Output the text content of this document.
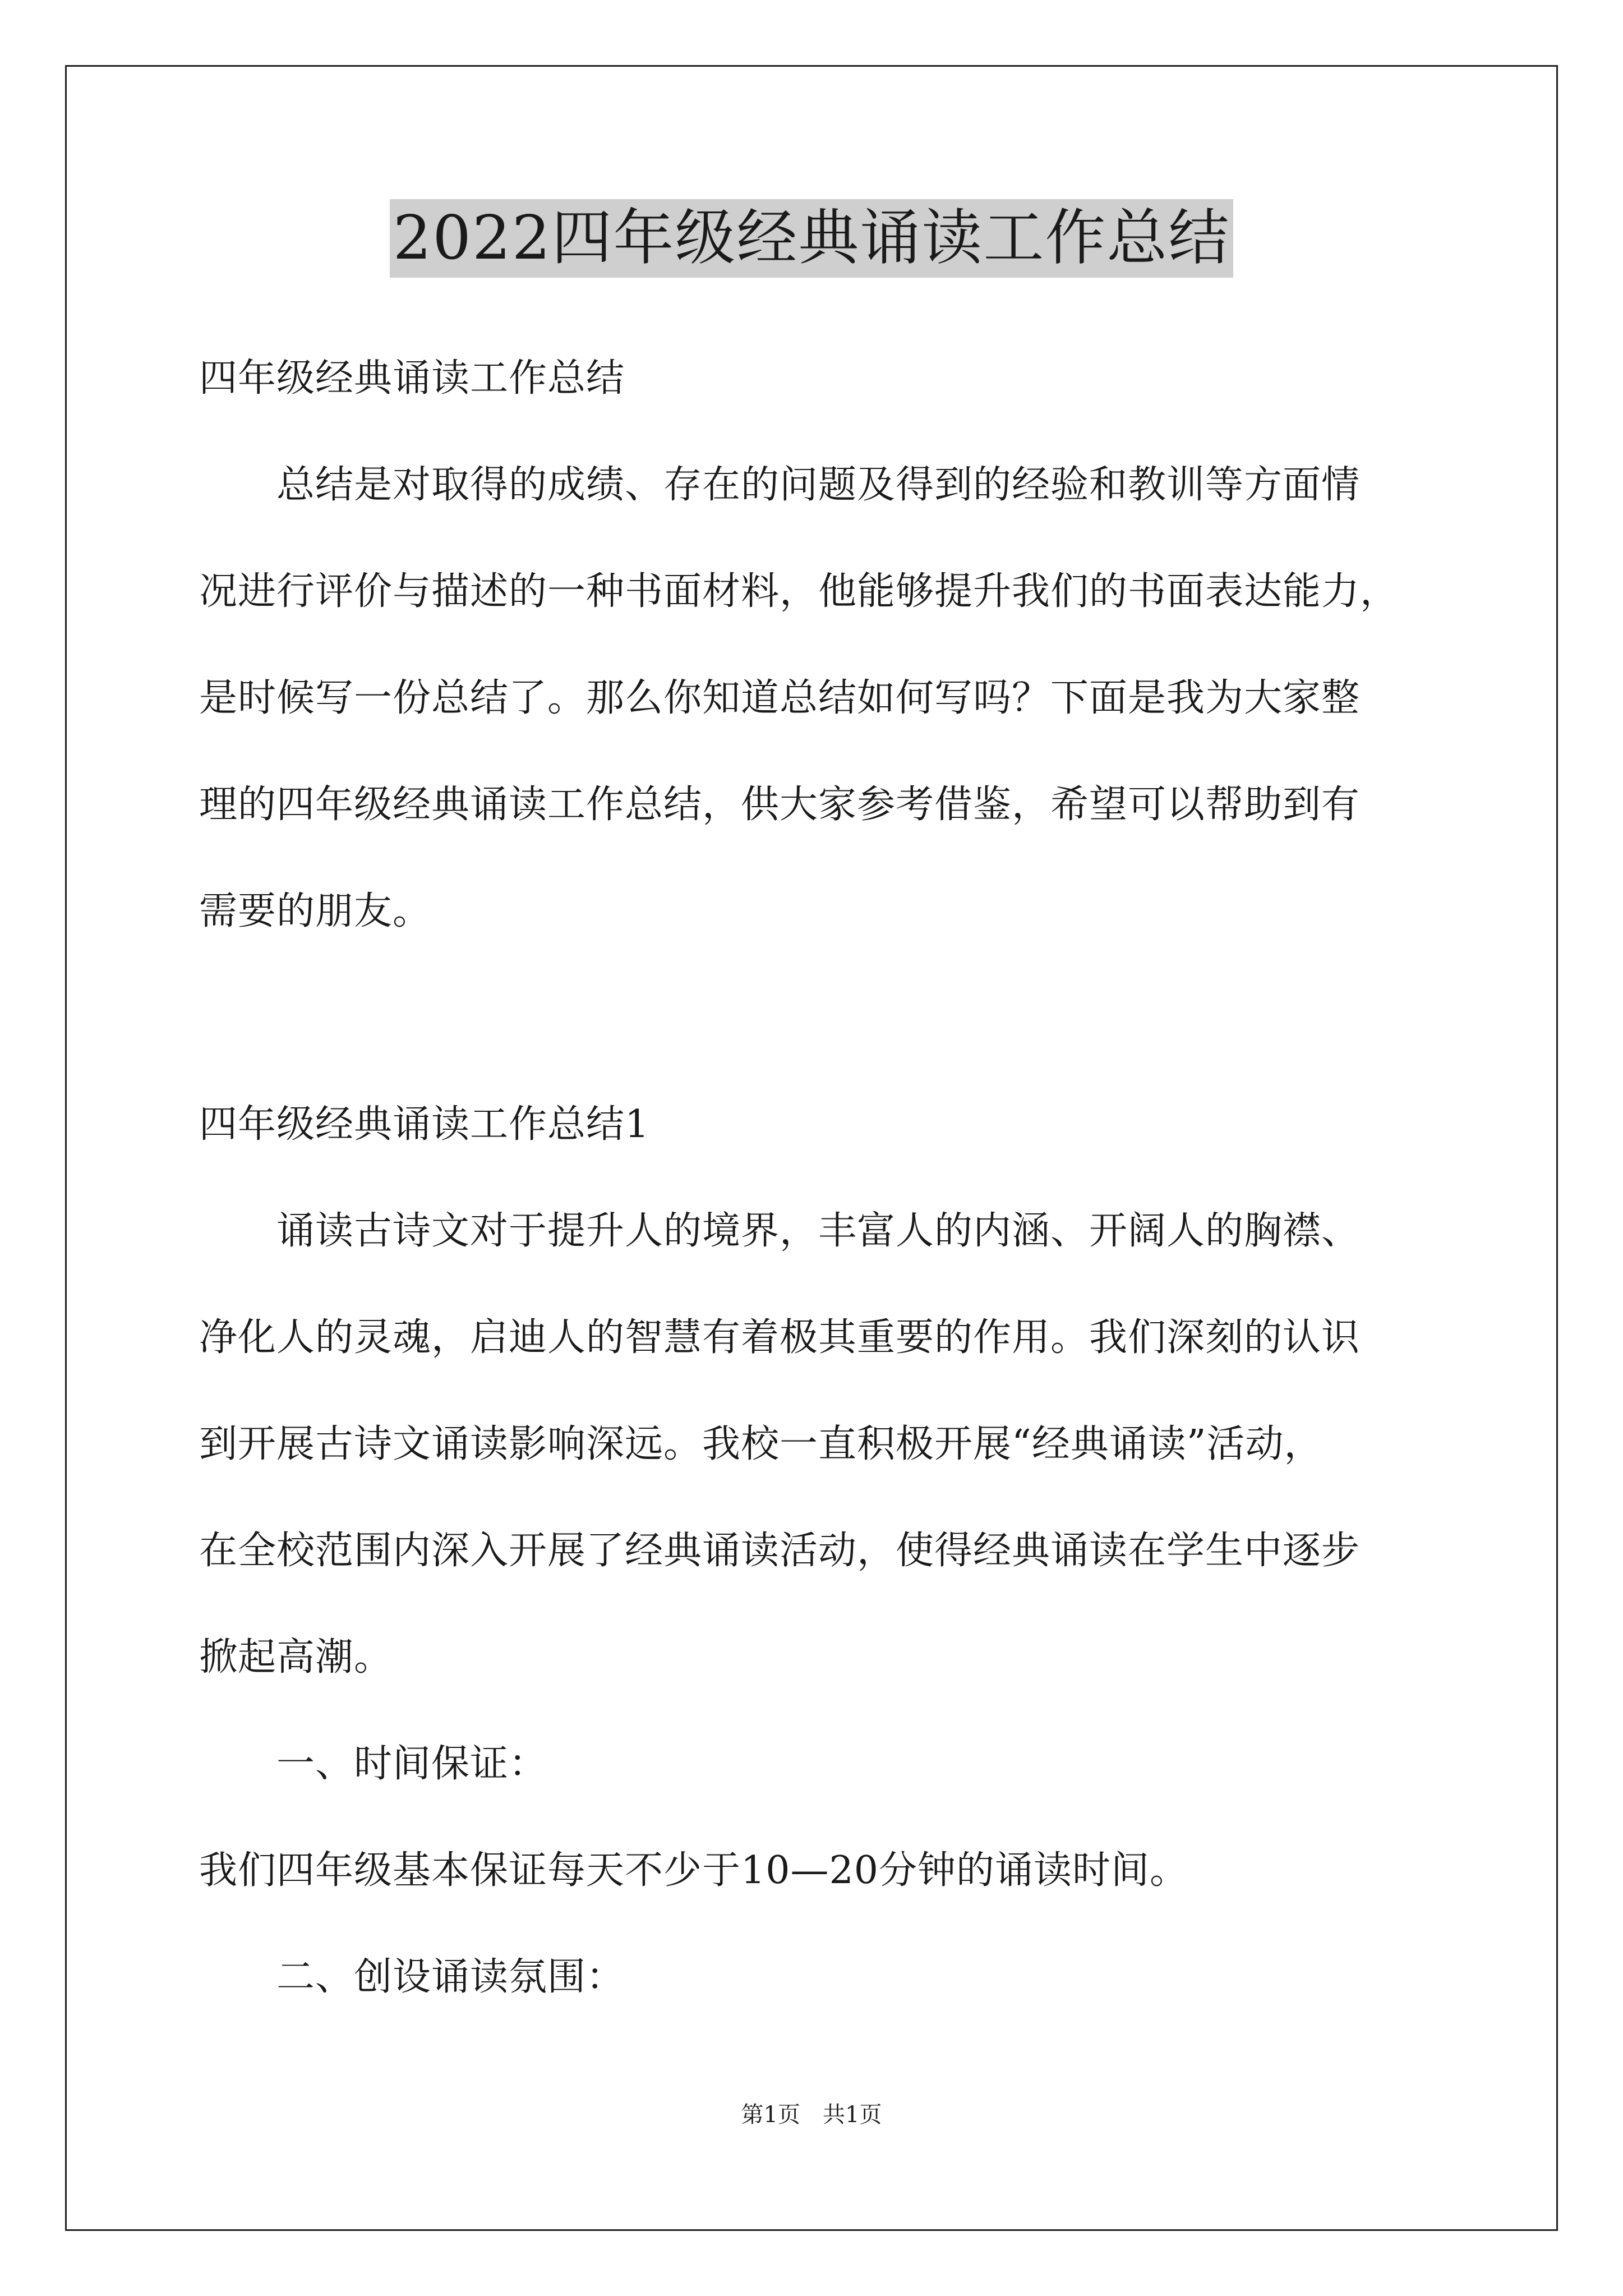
2022四年级经典诵读工作总结
四年级经典诵读工作总结
　　总结是对取得的成绩、存在的问题及得到的经验和教训等方面情
况进行评价与描述的一种书面材料，他能够提升我们的书面表达能力，
是时候写一份总结了。那么你知道总结如何写吗？下面是我为大家整
理的四年级经典诵读工作总结，供大家参考借鉴，希望可以帮助到有
需要的朋友。
四年级经典诵读工作总结1
　　诵读古诗文对于提升人的境界，丰富人的内涵、开阔人的胸襟、
净化人的灵魂，启迪人的智慧有着极其重要的作用。我们深刻的认识
到开展古诗文诵读影响深远。我校一直积极开展“经典诵读”活动，
在全校范围内深入开展了经典诵读活动，使得经典诵读在学生中逐步
掀起高潮。
　　一、时间保证：
我们四年级基本保证每天不少于10—20分钟的诵读时间。
　　二、创设诵读氛围：
第1页　共1页
